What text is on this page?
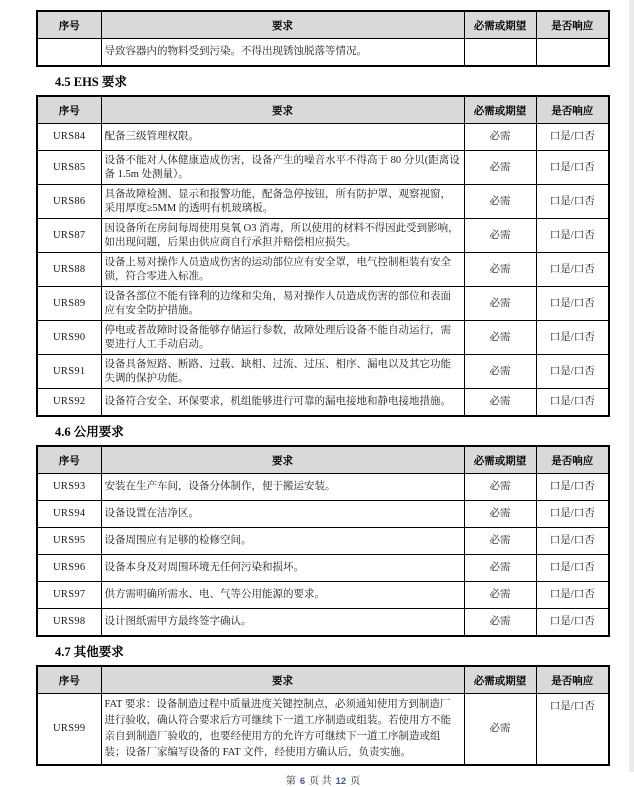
序号	要求	必需或期望	是否响应
	导致容器内的物料受到污染。不得出现锈蚀脱落等情况。		
4.5 EHS 要求
序号	要求	必需或期望	是否响应
URS84	配备三级管理权限。	必需	口是/口否
URS85	设备不能对人体健康造成伤害，设备产生的噪音水平不得高于 80 分贝(距离设备 1.5m 处测量）。	必需	口是/口否
URS86	具备故障检测、显示和报警功能，配备急停按钮，所有防护罩、观察视窗，采用厚度≥5MM 的透明有机玻璃板。	必需	口是/口否
URS87	因设备所在房间每周使用臭氧 O3 消毒，所以使用的材料不得因此受到影响，如出现问题，后果由供应商自行承担并赔偿相应损失。	必需	口是/口否
URS88	设备上易对操作人员造成伤害的运动部位应有安全罩，电气控制柜装有安全锁，符合零进入标准。	必需	口是/口否
URS89	设备各部位不能有锋利的边缘和尖角，易对操作人员造成伤害的部位和表面应有安全防护措施。	必需	口是/口否
URS90	停电或者故障时设备能够存储运行参数，故障处理后设备不能自动运行，需要进行人工手动启动。	必需	口是/口否
URS91	设备具备短路、断路、过载、缺相、过流、过压、相序、漏电以及其它功能失调的保护功能。	必需	口是/口否
URS92	设备符合安全、环保要求，机组能够进行可靠的漏电接地和静电接地措施。	必需	口是/口否
4.6 公用要求
序号	要求	必需或期望	是否响应
URS93	安装在生产车间，设备分体制作，便于搬运安装。	必需	口是/口否
URS94	设备设置在洁净区。	必需	口是/口否
URS95	设备周围应有足够的检修空间。	必需	口是/口否
URS96	设备本身及对周围环境无任何污染和损坏。	必需	口是/口否
URS97	供方需明确所需水、电、气等公用能源的要求。	必需	口是/口否
URS98	设计图纸需甲方最终签字确认。	必需	口是/口否
4.7 其他要求
序号	要求	必需或期望	是否响应
URS99	FAT 要求：设备制造过程中质量进度关键控制点，必须通知使用方到制造厂进行验收，确认符合要求后方可继续下一道工序制造或组装。若使用方不能亲自到制造厂验收的，也要经使用方的允许方可继续下一道工序制造或组装；设备厂家编写设备的 FAT 文件，经使用方确认后，负责实施。	必需	口是/口否
第 6 页 共 12 页
